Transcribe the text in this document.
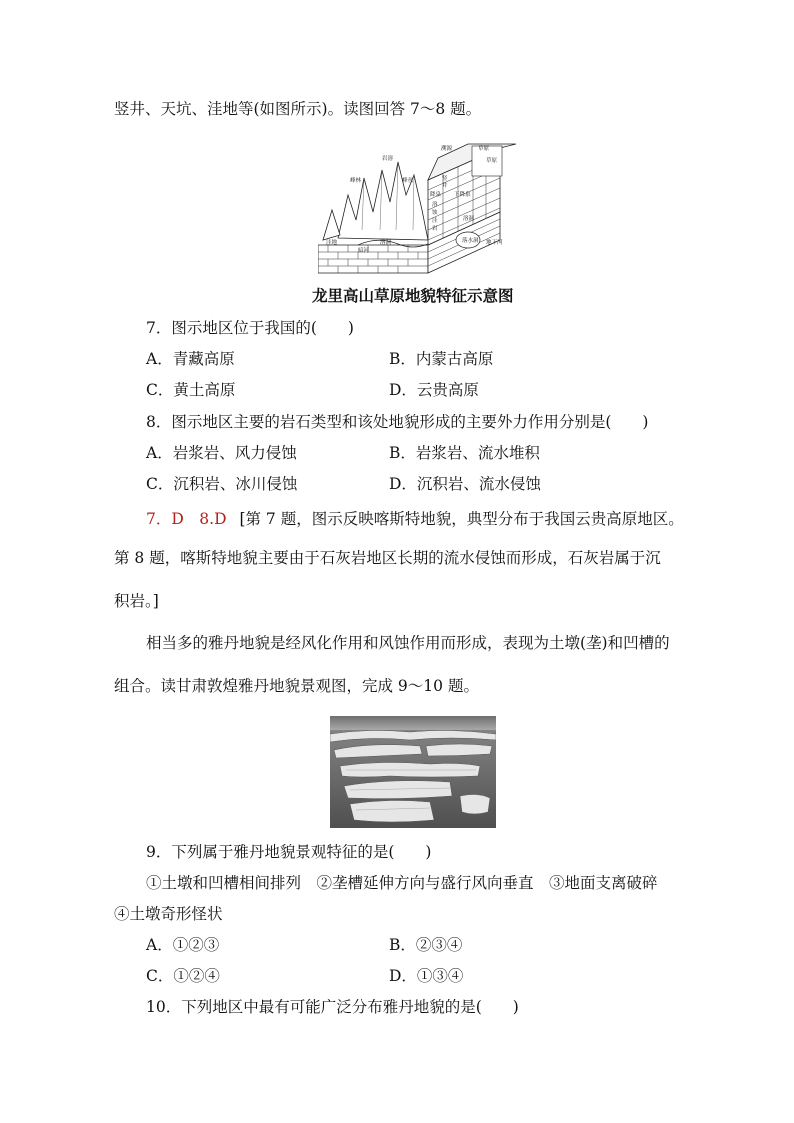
竖井、天坑、洼地等(如图所示)。读图回答 7～8 题。
溯源
草原
峰林
岩溶
峰丛
草原
竖
井
降泉 下降泉
溶
蚀
洼
岩
溶洞
落水洞
洼地	地下河
溶洞
暗河
龙里高山草原地貌特征示意图
7．图示地区位于我国的(　　)
A．青藏高原	B．内蒙古高原
C．黄土高原	D．云贵高原
8．图示地区主要的岩石类型和该处地貌形成的主要外力作用分别是(　　)
A．岩浆岩、风力侵蚀	B．岩浆岩、流水堆积
C．沉积岩、冰川侵蚀	D．沉积岩、流水侵蚀
7．D　8.D [第 7 题，图示反映喀斯特地貌，典型分布于我国云贵高原地区。
第 8 题，喀斯特地貌主要由于石灰岩地区长期的流水侵蚀而形成，石灰岩属于沉
积岩。]
相当多的雅丹地貌是经风化作用和风蚀作用而形成，表现为土墩(垄)和凹槽的
组合。读甘肃敦煌雅丹地貌景观图，完成 9～10 题。
9．下列属于雅丹地貌景观特征的是(　　)
①土墩和凹槽相间排列　②垄槽延伸方向与盛行风向垂直　③地面支离破碎
④土墩奇形怪状
A．①②③	B．②③④
C．①②④	D．①③④
10．下列地区中最有可能广泛分布雅丹地貌的是(　　)
